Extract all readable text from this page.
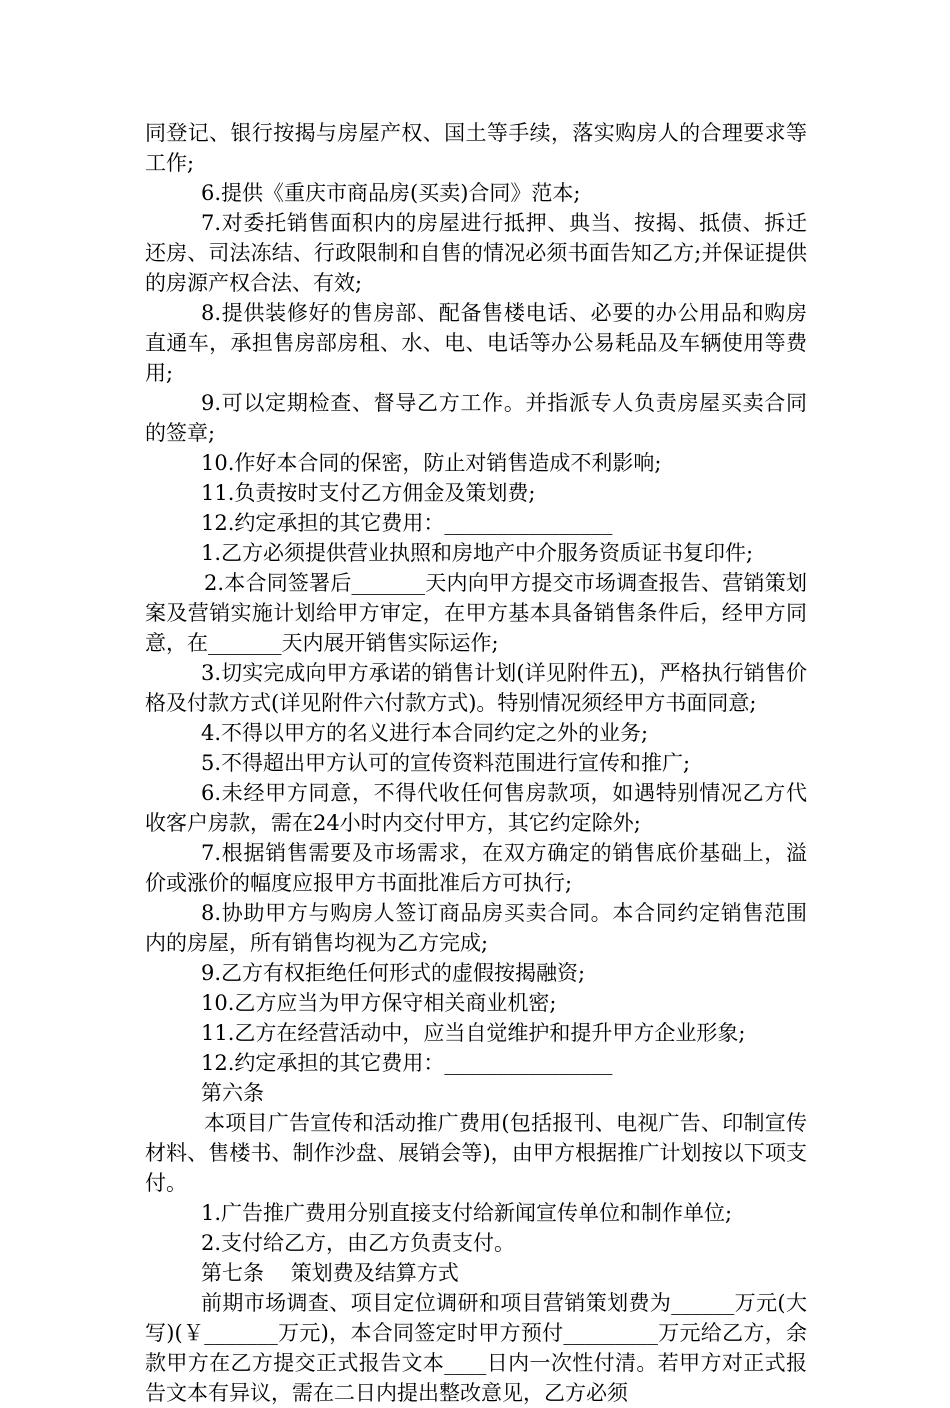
同登记、银行按揭与房屋产权、国土等手续，落实购房人的合理要求等工作;

6.提供《重庆市商品房(买卖)合同》范本;

7.对委托销售面积内的房屋进行抵押、典当、按揭、抵债、拆迁还房、司法冻结、行政限制和自售的情况必须书面告知乙方;并保证提供的房源产权合法、有效;

8.提供装修好的售房部、配备售楼电话、必要的办公用品和购房直通车，承担售房部房租、水、电、电话等办公易耗品及车辆使用等费用;

9.可以定期检查、督导乙方工作。并指派专人负责房屋买卖合同的签章;

10.作好本合同的保密，防止对销售造成不利影响;

11.负责按时支付乙方佣金及策划费;

12.约定承担的其它费用：________________

1.乙方必须提供营业执照和房地产中介服务资质证书复印件;

2.本合同签署后_______天内向甲方提交市场调查报告、营销策划案及营销实施计划给甲方审定，在甲方基本具备销售条件后，经甲方同意，在_______天内展开销售实际运作;

3.切实完成向甲方承诺的销售计划(详见附件五)，严格执行销售价格及付款方式(详见附件六付款方式)。特别情况须经甲方书面同意;

4.不得以甲方的名义进行本合同约定之外的业务;

5.不得超出甲方认可的宣传资料范围进行宣传和推广;

6.未经甲方同意，不得代收任何售房款项，如遇特别情况乙方代收客户房款，需在24小时内交付甲方，其它约定除外;

7.根据销售需要及市场需求，在双方确定的销售底价基础上，溢价或涨价的幅度应报甲方书面批准后方可执行;

8.协助甲方与购房人签订商品房买卖合同。本合同约定销售范围内的房屋，所有销售均视为乙方完成;

9.乙方有权拒绝任何形式的虚假按揭融资;

10.乙方应当为甲方保守相关商业机密;

11.乙方在经营活动中，应当自觉维护和提升甲方企业形象;

12.约定承担的其它费用：________________

第六条

本项目广告宣传和活动推广费用(包括报刊、电视广告、印制宣传材料、售楼书、制作沙盘、展销会等)，由甲方根据推广计划按以下项支付。

1.广告推广费用分别直接支付给新闻宣传单位和制作单位;

2.支付给乙方，由乙方负责支付。

第七条    策划费及结算方式

前期市场调查、项目定位调研和项目营销策划费为______万元(大写)(￥_______万元)，本合同签定时甲方预付_________万元给乙方，余款甲方在乙方提交正式报告文本____日内一次性付清。若甲方对正式报告文本有异议，需在二日内提出整改意见，乙方必须
